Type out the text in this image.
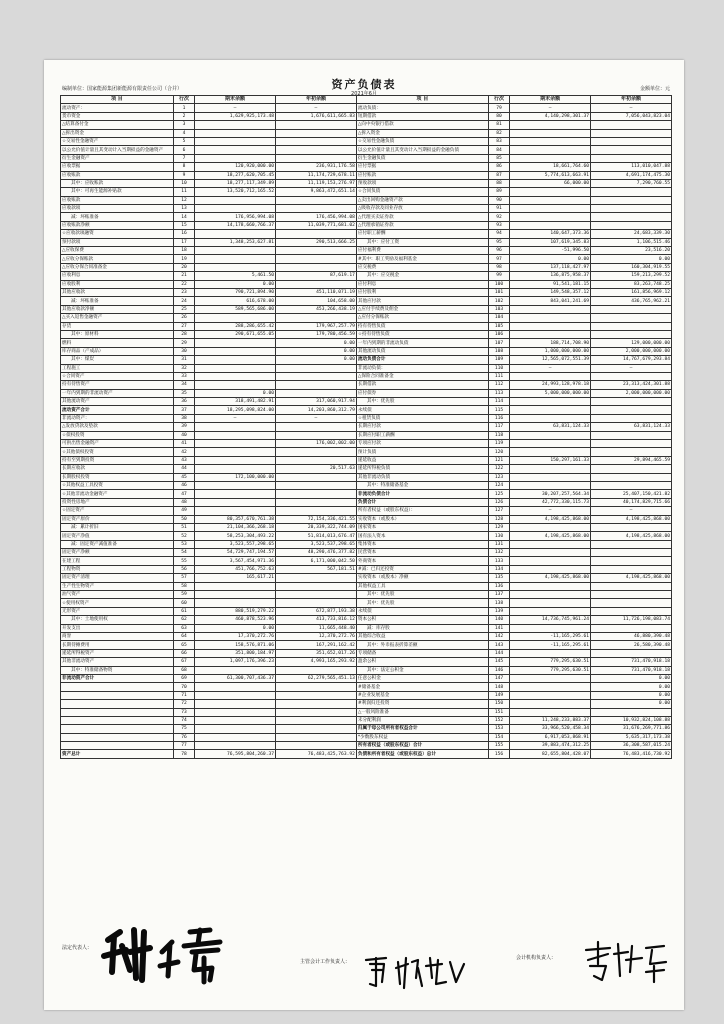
资产负债表
2021年6月
编制单位：国家能源集团新能源有限责任公司（合并）	金额单位：元
项 目	行次	期末余额	年初余额	项 目	行次	期末余额	年初余额
流动资产：	1	—	—	流动负债：	79	—	—
货币资金	2	1,629,925,173.48	1,676,611,665.83	短期借款	80	4,140,298,301.37	7,056,043,823.04
△结算备付金	3			△向中央银行借款	81		
△拆出资金	4			△拆入资金	82		
☆交易性金融资产	5			☆交易性金融负债	83		
以公允价值计量且其变动计入当期损益的金融资产	6			以公允价值计量且其变动计入当期损益的金融负债	84		
衍生金融资产	7			衍生金融负债	85		
应收票据	8	120,920,000.00	236,931,176.58	应付票据	86	18,661,764.60	113,010,047.88
应收账款	9	18,277,620,705.45	11,174,729,678.11	应付账款	87	5,774,613,663.91	4,691,174,475.30
其中：应收账款	10	18,277,117,349.89	11,119,153,276.97	预收款项	88	66,000.00	7,290,760.55
其中：可再生能源补贴款	11	13,520,712,165.52	9,863,472,651.14	☆合同负债	89		
应收账款	12			△卖出回购金融资产款	90		
应收款项	13			△吸收存款及同业存放	91		
减：坏账准备	14	176,956,994.08	176,456,994.08	△代理买卖证券款	92		
应收账款净额	15	14,178,660,766.37	11,039,771,681.02	△代理承销证券款	93		
☆应收款项融资	16			应付职工薪酬	94	140,647,373.36	24,683,339.30
预付款项	17	1,348,253,627.81	290,513,666.25	其中：应付工资	95	107,619,345.83	1,106,515.46
△应收保费	18			应付福利费	96	-51,996.50	23,516.20
△应收分保账款	19			#其中：职工奖励及福利基金	97	0.00	0.00
△应收分保合同准备金	20			应交税费	98	137,118,427.97	160,304,919.55
应收利息	21	5,461.50	87,619.17	其中：应交税金	99	136,875,958.37	159,213,299.52
应收股利	22	0.00		应付利息	100	91,541,181.15	83,263,748.25
其他应收款	23	790,721,894.90	451,110,071.19	应付股利	101	149,548,357.12	161,856,969.12
减：坏账准备	24	616,678.00	104,658.00	其他应付款	102	843,041,241.69	436,765,962.21
其他应收款净额	25	589,565,686.00	453,266,438.19	△应付手续费及佣金	103		
△买入返售金融资产	26			△应付分保账款	104		
存货	27	288,286,655.42	179,967,257.79	持有待售负债	105		
其中：原材料	28	290,671,655.05	179,780,456.59	☆持有待售负债	106		
燃料	29		0.00	一年内到期的非流动负债	107	188,714,708.90	129,000,000.00
库存商品（产成品）	30		0.00	其他流动负债	108	1,000,000,000.00	2,000,000,000.00
其中：煤炭	31		0.00	流动负债合计	109	12,565,072,551.39	14,767,679,293.84
工程施工	32			非流动负债：	110	—	—
☆合同资产	33			△保险合同准备金	111		
持有待售资产	34			长期借款	112	24,993,128,978.18	23,313,424,301.88
一年内到期的非流动资产	35	0.00		应付债券	113	5,000,000,000.00	2,000,000,000.00
其他流动资产	36	318,491,482.91	317,060,917.94	其中：优先股	114		
流动资产合计	37	18,295,098,824.00	14,203,860,312.79	永续债	115		
非流动资产：	38	—	—	☆租赁负债	116		
△发放贷款及垫款	39			长期应付款	117	63,831,124.33	63,831,124.33
☆债权投资	40			长期应付职工薪酬	118		
可供出售金融资产	41		176,002,002.00	专项应付款	119		
☆其他债权投资	42			预计负债	120		
持有至到期投资	43			递延收益	121	150,297,161.33	29,894,465.59
长期应收款	44		20,517.63	递延所得税负债	122		
长期股权投资	45	172,100,000.00		其他非流动负债	123		
☆其他权益工具投资	46			其中：特准储备基金	124		
☆其他非流动金融资产	47			非流动负债合计	125	30,207,257,564.34	25,407,150,421.82
投资性房地产	48			负债合计	126	42,772,330,115.73	40,174,829,715.66
☆固定资产	49			所有者权益（或股东权益）：	127	—	—
固定资产原价	50	80,357,670,761.38	72,154,336,421.55	实收资本（或股本）	128	4,198,425,868.00	4,198,425,868.00
减：累计折旧	51	21,104,366,268.18	20,339,322,744.09	国家资本	129		
固定资产净值	52	58,253,304,493.22	51,814,013,676.47	国有法人资本	130	4,198,425,868.00	4,198,425,868.00
减：固定资产减值准备	53	3,523,557,298.65	3,523,537,298.65	集体资本	131		
固定资产净额	54	54,729,747,194.57	48,290,476,377.82	民营资本	132		
在建工程	55	3,567,454,971.36	6,171,000,042.50	外商资本	133		
工程物资	56	451,766,752.63	567,181.51	#减：已归还投资	134		
固定资产清理	57	165,617.21		实收资本（或股本）净额	135	4,198,425,868.00	4,198,425,868.00
生产性生物资产	58			其他权益工具	136		
油气资产	59			其中：优先股	137		
☆使用权资产	60			其中：优先股	138		
无形资产	61	880,519,279.22	672,877,193.38	永续债	139		
其中：土地使用权	62	460,878,523.96	413,733,816.12	资本公积	140	14,736,745,961.24	11,726,198,083.74
开发支出	63	0.00	11,665,448.40	减：库存股	141		
商誉	64	17,370,272.76	12,370,272.76	其他综合收益	142	-11,165,295.61	46,880,390.48
长期待摊费用	65	158,576,871.06	167,291,162.42	其中：外币报表折算差额	143	-11,165,295.61	26,580,390.48
递延所得税资产	66	351,800,184.97	351,652,017.26	专项储备	144		
其他非流动资产	67	1,097,176,396.23	4,993,165,293.92	盈余公积	145	779,295,630.51	731,470,918.18
其中：特准储备物资	68			其中：法定公积金	146	779,295,630.51	731,470,918.18
非流动资产合计	69	61,300,707,436.37	62,279,565,451.13	任意公积金	147		0.00
	70			#储备基金	148		0.00
	71			#企业发展基金	149		0.00
	72			#利润归还投资	150		0.00
	73			△一般风险准备	151		
	74			未分配利润	152	11,248,233,883.37	10,932,824,108.88
	75			归属于母公司所有者权益合计	153	33,966,520,458.34	31,676,269,771.86
	76			*少数股东权益	154	6,917,053,868.91	5,635,317,173.38
	77			所有者权益（或股东权益）合计	155	39,883,474,312.25	36,308,587,015.24
资产总计	78	76,595,804,260.37	76,483,425,763.92	负债和所有者权益（或股东权益）总计	156	82,655,804,428.07	76,483,416,730.92
法定代表人：
主管会计工作负责人：
会计机构负责人：
